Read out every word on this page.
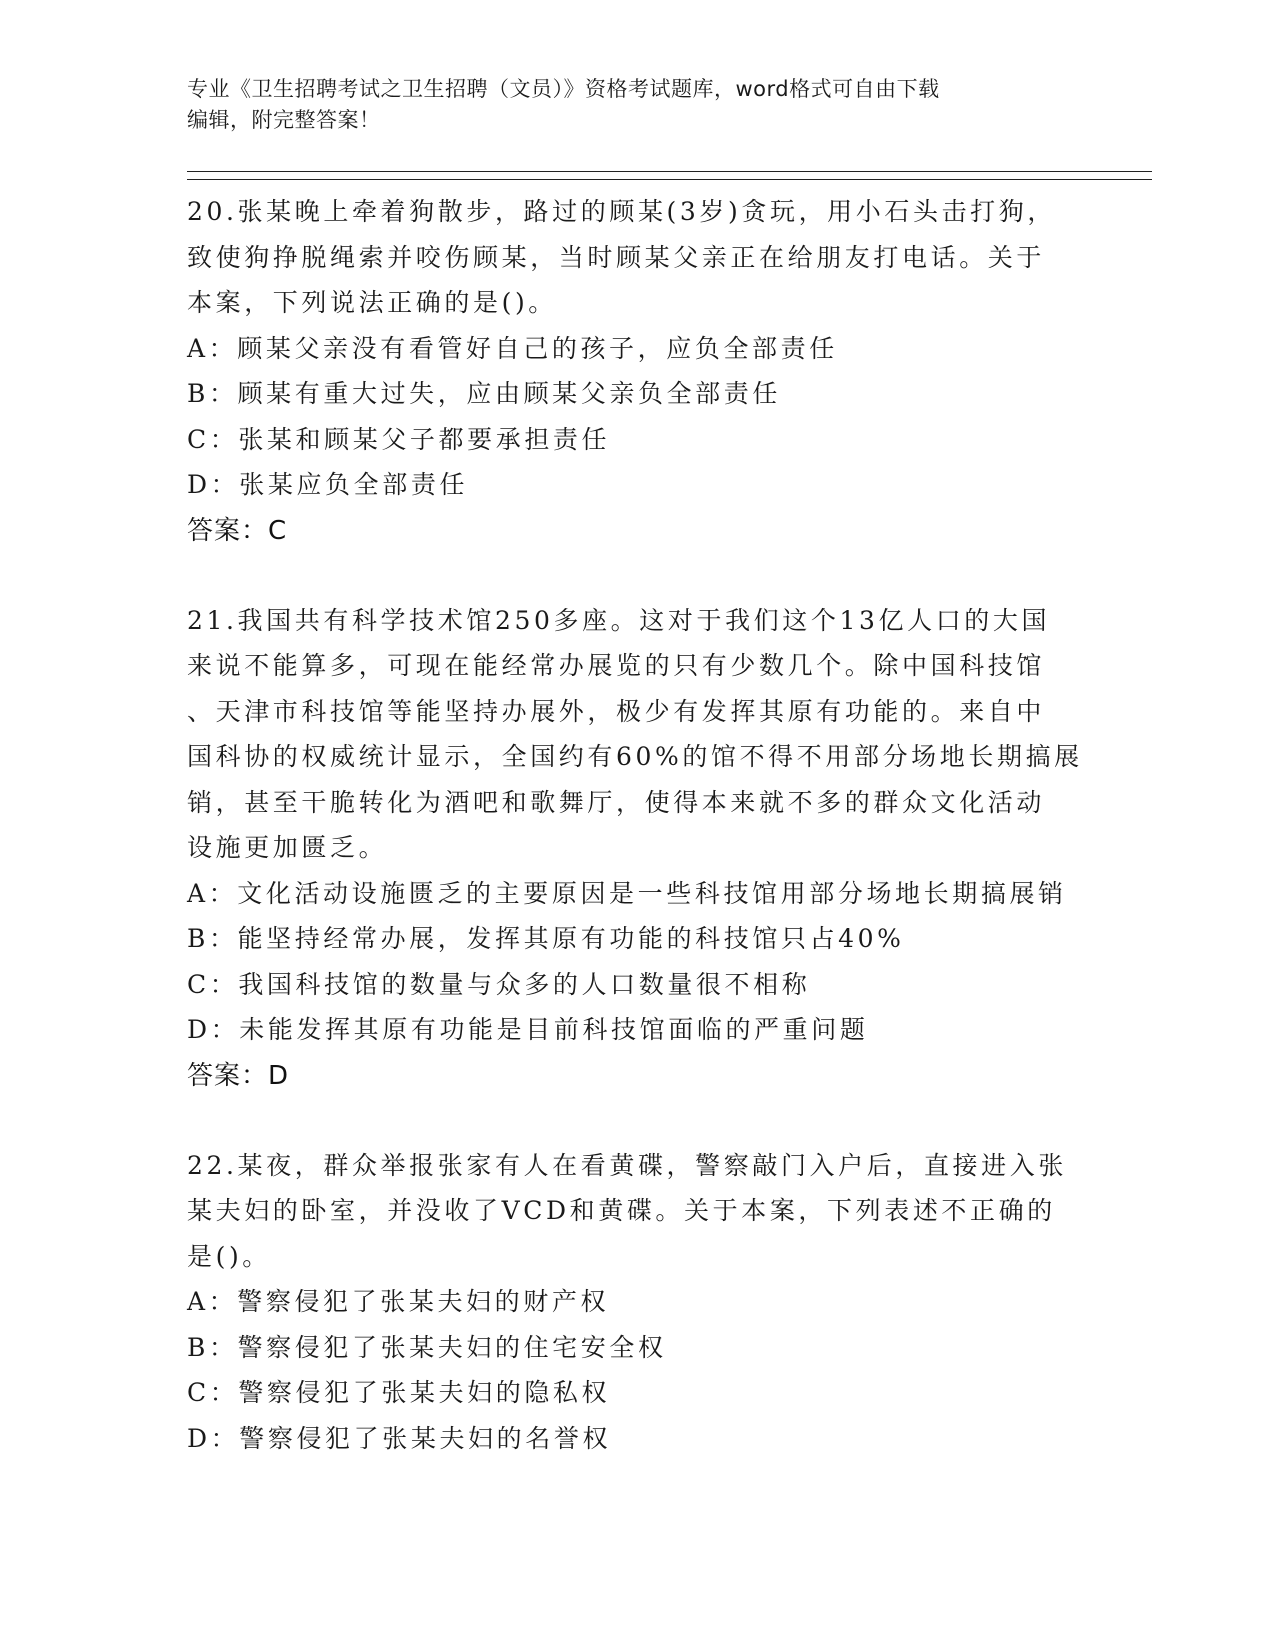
专业《卫生招聘考试之卫生招聘（文员）》资格考试题库，word格式可自由下载
编辑，附完整答案！
20.张某晚上牵着狗散步，路过的顾某(3岁)贪玩，用小石头击打狗，
致使狗挣脱绳索并咬伤顾某，当时顾某父亲正在给朋友打电话。关于
本案，下列说法正确的是()。
A：顾某父亲没有看管好自己的孩子，应负全部责任
B：顾某有重大过失，应由顾某父亲负全部责任
C：张某和顾某父子都要承担责任
D：张某应负全部责任
答案：C
21.我国共有科学技术馆250多座。这对于我们这个13亿人口的大国
来说不能算多，可现在能经常办展览的只有少数几个。除中国科技馆
、天津市科技馆等能坚持办展外，极少有发挥其原有功能的。来自中
国科协的权威统计显示，全国约有60%的馆不得不用部分场地长期搞展
销，甚至干脆转化为酒吧和歌舞厅，使得本来就不多的群众文化活动
设施更加匮乏。
A：文化活动设施匮乏的主要原因是一些科技馆用部分场地长期搞展销
B：能坚持经常办展，发挥其原有功能的科技馆只占40%
C：我国科技馆的数量与众多的人口数量很不相称
D：未能发挥其原有功能是目前科技馆面临的严重问题
答案：D
22.某夜，群众举报张家有人在看黄碟，警察敲门入户后，直接进入张
某夫妇的卧室，并没收了VCD和黄碟。关于本案，下列表述不正确的
是()。
A：警察侵犯了张某夫妇的财产权
B：警察侵犯了张某夫妇的住宅安全权
C：警察侵犯了张某夫妇的隐私权
D：警察侵犯了张某夫妇的名誉权
